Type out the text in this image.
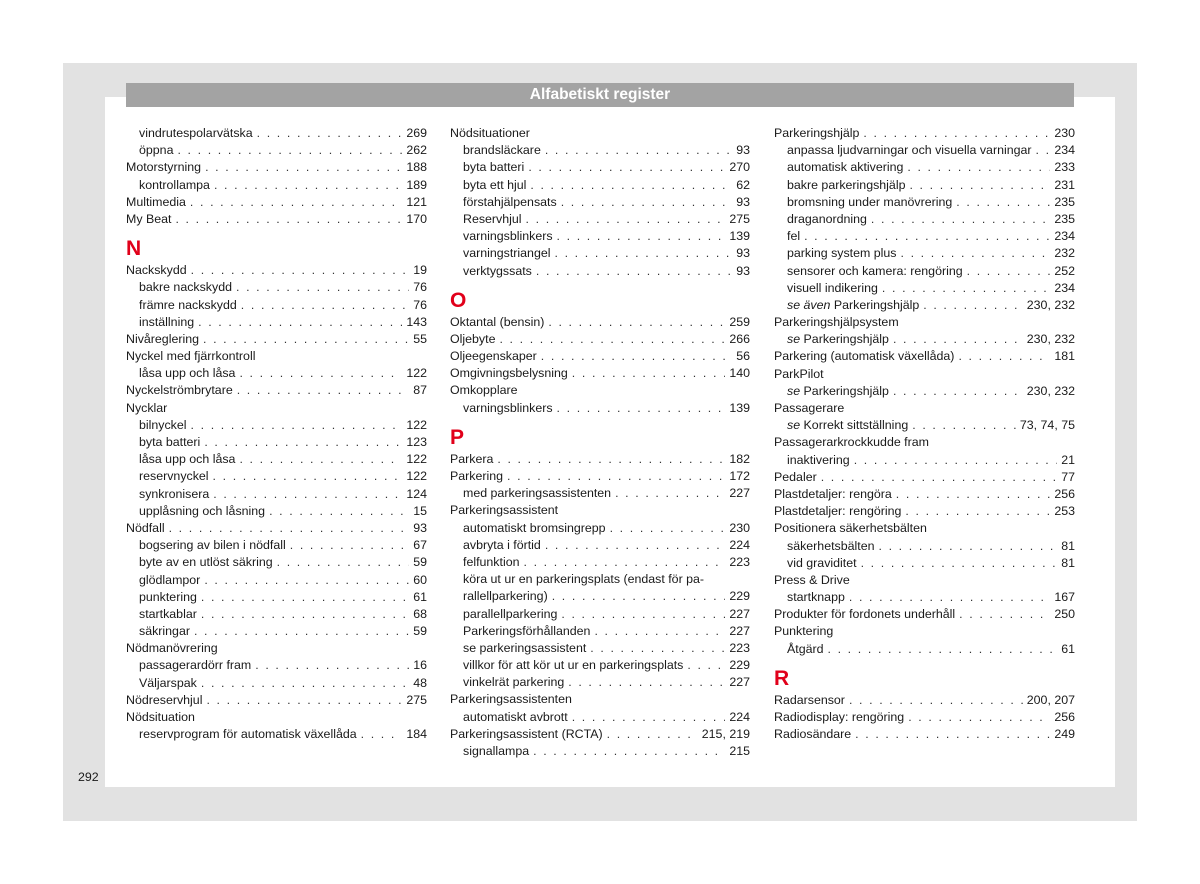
Alfabetiskt register
vindrutespolarvätska . . .	269
öppna . . .	262
Motorstyrning . . .	188
kontrollampa . . .	189
Multimedia . . .	121
My Beat . . .	170
N
Nackskydd . . .	19
bakre nackskydd . . .	76
främre nackskydd . . .	76
inställning . . .	143
Nivåreglering . . .	55
Nyckel med fjärrkontroll
låsa upp och låsa . . .	122
Nyckelströmbrytare . . .	87
Nycklar
bilnyckel . . .	122
byta batteri . . .	123
låsa upp och låsa . . .	122
reservnyckel . . .	122
synkronisera . . .	124
upplåsning och låsning . . .	15
Nödfall . . .	93
bogsering av bilen i nödfall . . .	67
byte av en utlöst säkring . . .	59
glödlampor . . .	60
punktering . . .	61
startkablar . . .	68
säkringar . . .	59
Nödmanövrering
passagerardörr fram . . .	16
Väljarspak . . .	48
Nödreservhjul . . .	275
Nödsituation
reservprogram för automatisk växellåda . . .	184
Nödsituationer
brandsläckare . . .	93
byta batteri . . .	270
byta ett hjul . . .	62
förstahjälpensats . . .	93
Reservhjul . . .	275
varningsblinkers . . .	139
varningstriangel . . .	93
verktygssats . . .	93
O
Oktantal (bensin) . . .	259
Oljebyte . . .	266
Oljeegenskaper . . .	56
Omgivningsbelysning . . .	140
Omkopplare
varningsblinkers . . .	139
P
Parkera . . .	182
Parkering . . .	172
med parkeringsassistenten . . .	227
Parkeringsassistent
automatiskt bromsingrepp . . .	230
avbryta i förtid . . .	224
felfunktion . . .	223
köra ut ur en parkeringsplats (endast för pa-
rallellparkering) . . .	229
parallellparkering . . .	227
Parkeringsförhållanden . . .	227
se parkeringsassistent . . .	223
villkor för att kör ut ur en parkeringsplats . . .	229
vinkelrät parkering . . .	227
Parkeringsassistenten
automatiskt avbrott . . .	224
Parkeringsassistent (RCTA) . . .	215, 219
signallampa . . .	215
Parkeringshjälp . . .	230
anpassa ljudvarningar och visuella varningar . . . 234
automatisk aktivering . . .	233
bakre parkeringshjälp . . .	231
bromsning under manövrering . . .	235
draganordning . . .	235
fel . . .	234
parking system plus . . .	232
sensorer och kamera: rengöring . . .	252
visuell indikering . . .	234
se även Parkeringshjälp . . .	230, 232
Parkeringshjälpsystem
se Parkeringshjälp . . .	230, 232
Parkering (automatisk växellåda) . . .	181
ParkPilot
se Parkeringshjälp . . .	230, 232
Passagerare
se Korrekt sittställning . . .	73, 74, 75
Passagerarkrockkudde fram
inaktivering . . .	21
Pedaler . . .	77
Plastdetaljer: rengöra . . .	256
Plastdetaljer: rengöring . . .	253
Positionera säkerhetsbälten
säkerhetsbälten . . .	81
vid graviditet . . .	81
Press & Drive
startknapp . . .	167
Produkter för fordonets underhåll . . .	250
Punktering
Åtgärd . . .	61
R
Radarsensor . . .	200, 207
Radiodisplay: rengöring . . .	256
Radiosändare . . .	249
292
